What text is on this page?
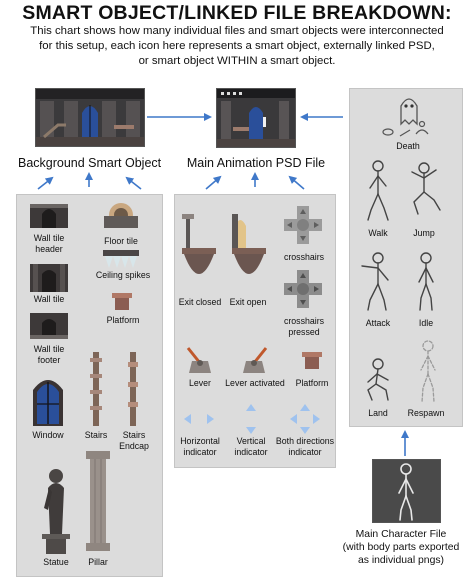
SMART OBJECT/LINKED FILE BREAKDOWN:
This chart shows how many individual files and smart objects were interconnected
for this setup, each icon here represents a smart object, externally linked PSD,
or smart object WITHIN a smart object.
Background Smart Object Main Animation PSD File
Wall tile
header
Floor tile
Ceiling spikes
Wall tile
Platform
Wall tile
footer
Window	Stairs	Stairs
Endcap
Statue	Pillar
Exit closed Exit open
crosshairs
crosshairs
pressed
Lever	Lever activated	Platform
Horizontal
indicator
Vertical
indicator
Both directions
indicator
Death
Walk	Jump
Attack	Idle
Land	Respawn
Main Character File
(with body parts exported
as individual pngs)
